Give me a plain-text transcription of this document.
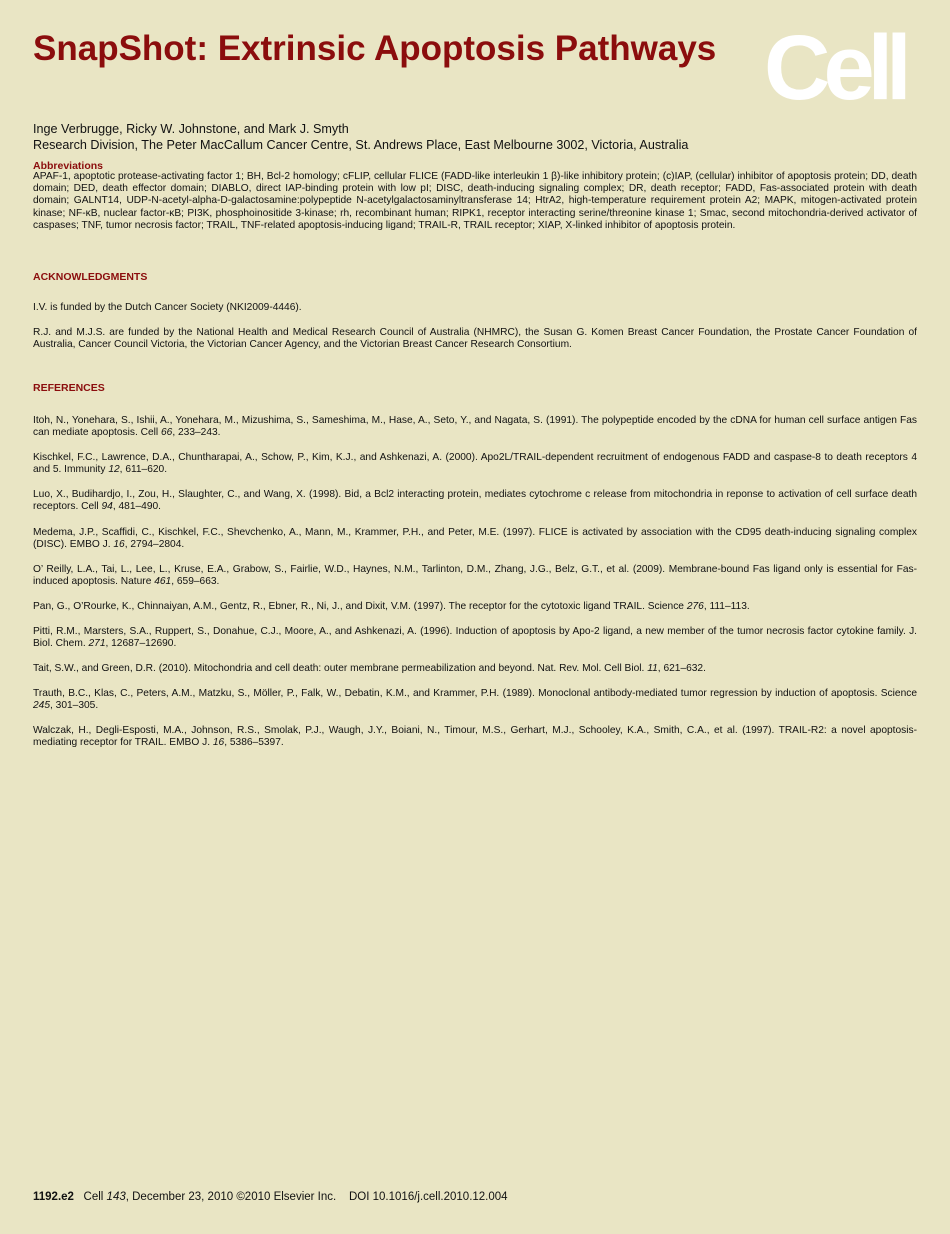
SnapShot: Extrinsic Apoptosis Pathways Cell
Inge Verbrugge, Ricky W. Johnstone, and Mark J. Smyth
Research Division, The Peter MacCallum Cancer Centre, St. Andrews Place, East Melbourne 3002, Victoria, Australia
Abbreviations

APAF-1, apoptotic protease-activating factor 1; BH, Bcl-2 homology; cFLIP, cellular FLICE (FADD-like interleukin 1 β)-like inhibitory protein; (c)IAP, (cellular) inhibitor of apoptosis protein; DD, death domain; DED, death effector domain; DIABLO, direct IAP-binding protein with low pI; DISC, death-inducing signaling complex; DR, death receptor; FADD, Fas-associated protein with death domain; GALNT14, UDP-N-acetyl-alpha-D-galactosamine:polypeptide N-acetylgalactosaminyltransferase 14; HtrA2, high-temperature requirement protein A2; MAPK, mitogen-activated protein kinase; NF-κB, nuclear factor-κB; PI3K, phosphoinositide 3-kinase; rh, recombinant human; RIPK1, receptor interacting serine/threonine kinase 1; Smac, second mitochondria-derived activator of caspases; TNF, tumor necrosis factor; TRAIL, TNF-related apoptosis-inducing ligand; TRAIL-R, TRAIL receptor; XIAP, X-linked inhibitor of apoptosis protein.

ACKNOWLEDGMENTS

I.V. is funded by the Dutch Cancer Society (NKI2009-4446).

R.J. and M.J.S. are funded by the National Health and Medical Research Council of Australia (NHMRC), the Susan G. Komen Breast Cancer Foundation, the Prostate Cancer Foundation of Australia, Cancer Council Victoria, the Victorian Cancer Agency, and the Victorian Breast Cancer Research Consortium.

REFERENCES

Itoh, N., Yonehara, S., Ishii, A., Yonehara, M., Mizushima, S., Sameshima, M., Hase, A., Seto, Y., and Nagata, S. (1991). The polypeptide encoded by the cDNA for human cell surface antigen Fas can mediate apoptosis. Cell 66, 233–243.

Kischkel, F.C., Lawrence, D.A., Chuntharapai, A., Schow, P., Kim, K.J., and Ashkenazi, A. (2000). Apo2L/TRAIL-dependent recruitment of endogenous FADD and caspase-8 to death receptors 4 and 5. Immunity 12, 611–620.

Luo, X., Budihardjo, I., Zou, H., Slaughter, C., and Wang, X. (1998). Bid, a Bcl2 interacting protein, mediates cytochrome c release from mitochondria in reponse to activation of cell surface death receptors. Cell 94, 481–490.

Medema, J.P., Scaffidi, C., Kischkel, F.C., Shevchenko, A., Mann, M., Krammer, P.H., and Peter, M.E. (1997). FLICE is activated by association with the CD95 death-inducing signaling complex (DISC). EMBO J. 16, 2794–2804.

O’ Reilly, L.A., Tai, L., Lee, L., Kruse, E.A., Grabow, S., Fairlie, W.D., Haynes, N.M., Tarlinton, D.M., Zhang, J.G., Belz, G.T., et al. (2009). Membrane-bound Fas ligand only is essential for Fas-induced apoptosis. Nature 461, 659–663.

Pan, G., O’Rourke, K., Chinnaiyan, A.M., Gentz, R., Ebner, R., Ni, J., and Dixit, V.M. (1997). The receptor for the cytotoxic ligand TRAIL. Science 276, 111–113.

Pitti, R.M., Marsters, S.A., Ruppert, S., Donahue, C.J., Moore, A., and Ashkenazi, A. (1996). Induction of apoptosis by Apo-2 ligand, a new member of the tumor necrosis factor cytokine family. J. Biol. Chem. 271, 12687–12690.

Tait, S.W., and Green, D.R. (2010). Mitochondria and cell death: outer membrane permeabilization and beyond. Nat. Rev. Mol. Cell Biol. 11, 621–632.

Trauth, B.C., Klas, C., Peters, A.M., Matzku, S., Möller, P., Falk, W., Debatin, K.M., and Krammer, P.H. (1989). Monoclonal antibody-mediated tumor regression by induction of apoptosis. Science 245, 301–305.

Walczak, H., Degli-Esposti, M.A., Johnson, R.S., Smolak, P.J., Waugh, J.Y., Boiani, N., Timour, M.S., Gerhart, M.J., Schooley, K.A., Smith, C.A., et al. (1997). TRAIL-R2: a novel apoptosis-mediating receptor for TRAIL. EMBO J. 16, 5386–5397.

1192.e2 Cell 143, December 23, 2010 ©2010 Elsevier Inc. DOI 10.1016/j.cell.2010.12.004
